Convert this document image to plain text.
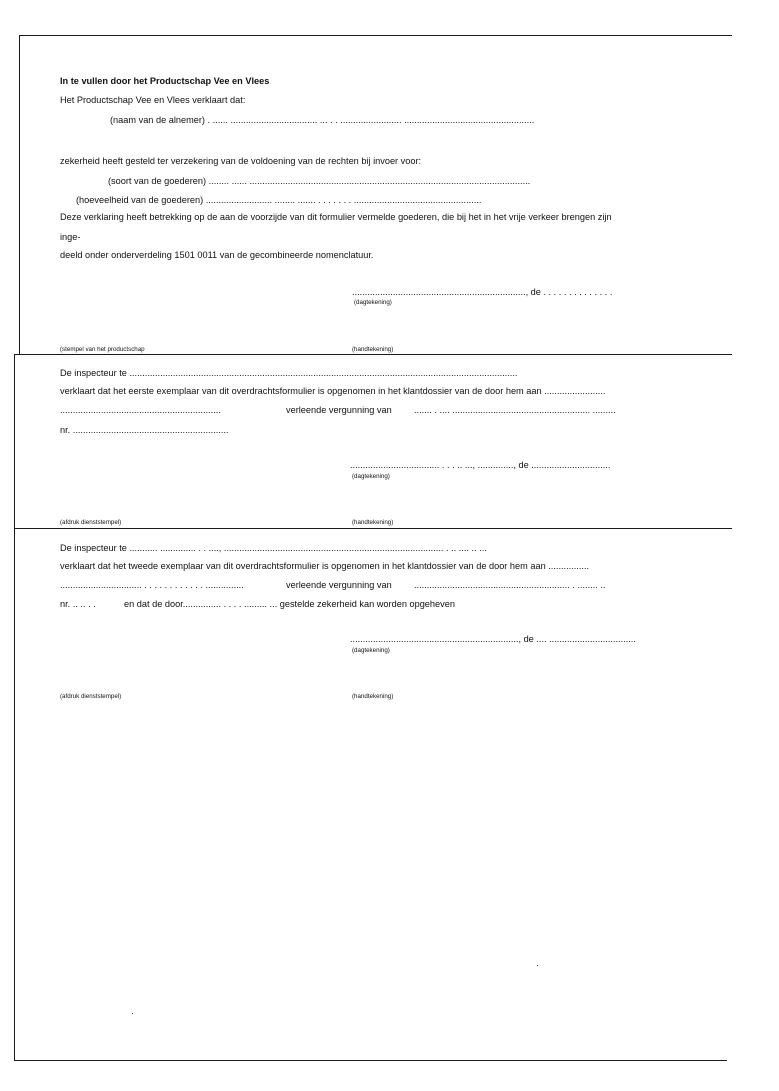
In te vullen door het Productschap Vee en Vlees
Het Productschap Vee en Vlees verklaart dat:
(naam van de alnemer) . ...... .................................. ... . . ........................ ...................................................
zekerheid heeft gesteld ter verzekering van de voldoening van de rechten bij invoer voor:
(soort van de goederen) ........ ...... ..............................................................................................................
(hoeveelheid van de goederen) .......................... ........ ....... . . . . . . . ..................................................
Deze verklaring heeft betrekking op de aan de voorzijde van dit formulier vermelde goederen, die bij het in het vrije verkeer brengen zijn
inge-
deeld onder onderverdeling 1501 0011 van de gecombineerde nomenclatuur.
...................................................................., de . . . . . . . . . . . . . .
(dagtekening)
(stempel van het productschap	(handtekening)
De inspecteur te ........................................................................................................................................................
verklaart dat het eerste exemplaar van dit overdrachtsformulier is opgenomen in het klantdossier van de door hem aan ........................
...............................................................	verleende vergunning van ....... . .... ...................................................... .........
nr. .............................................................
................................... . . . .. ..., .............., de ...............................
(dagtekening)
(afdruk dienststempel)	(handtekening)
De inspecteur te ........... .............. . . ...., ...................................................................................... . .. .... .. ...
verklaart dat het tweede exemplaar van dit overdrachtsformulier is opgenomen in het klantdossier van de door hem aan ................
................................ . . . . . . . . . . . . ...............	verleende vergunning van ............................................................. . ........ ..
nr. .. .. . .	en dat de door............... . . . . ......... ... gestelde zekerheid kan worden opgeheven
.................................................................., de .... ..................................
(dagtekening)
(afdruk dienststempel)	(handtekening)
